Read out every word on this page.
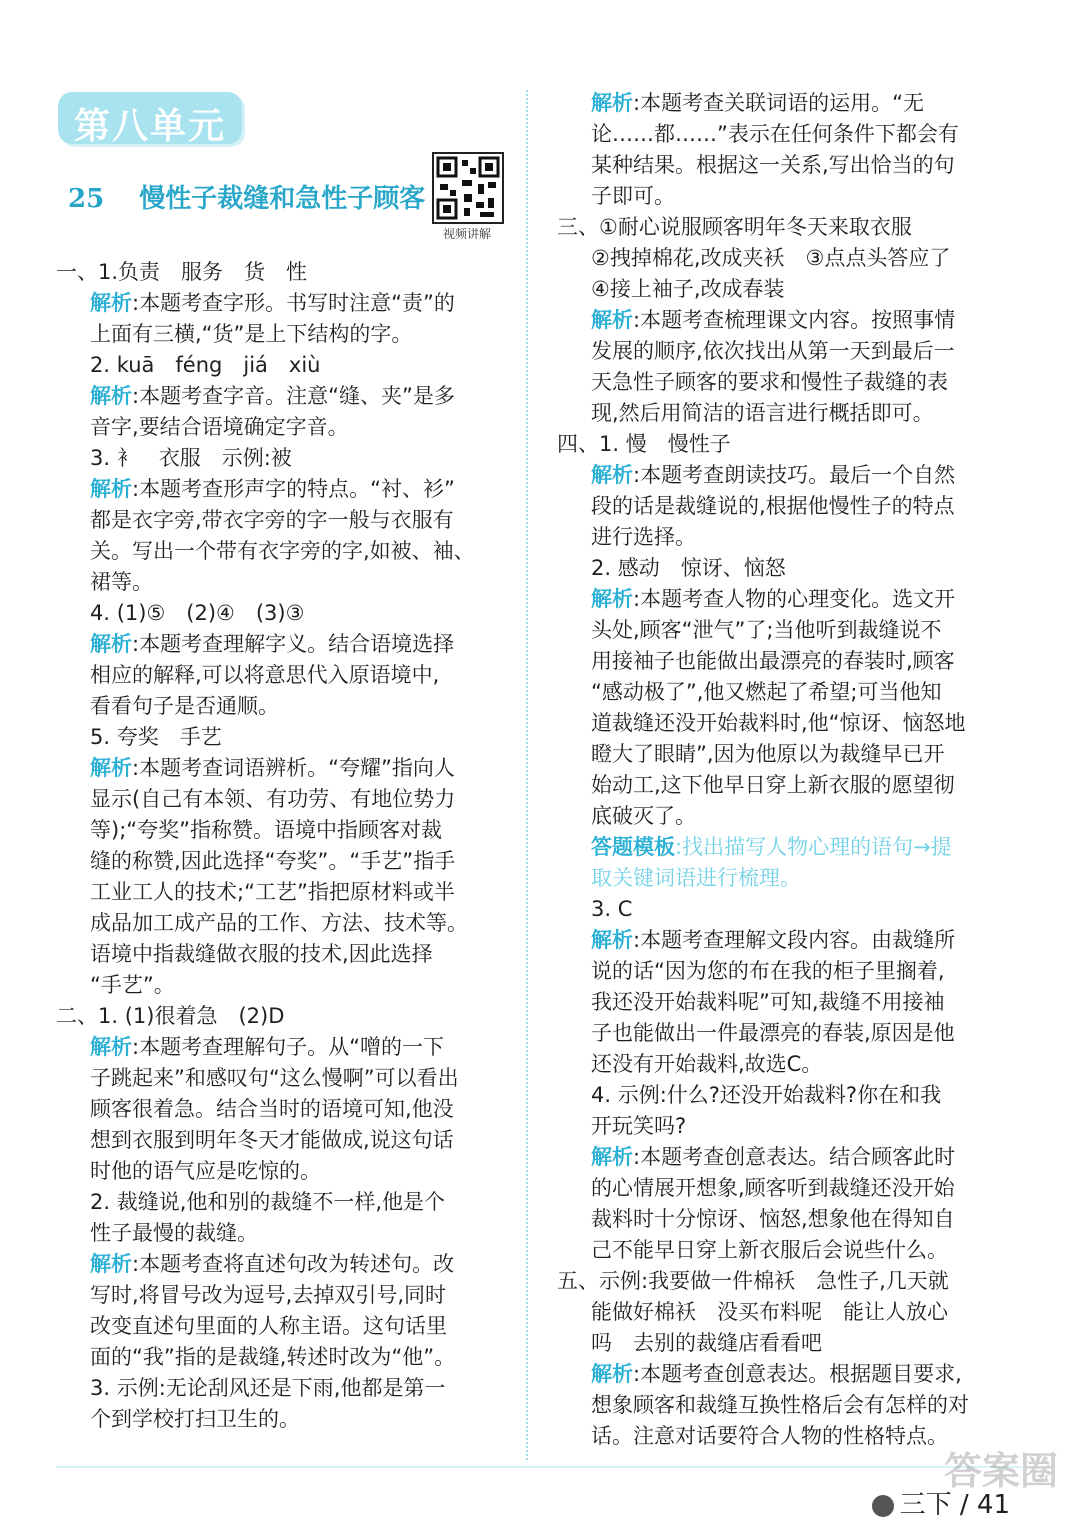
第八单元
25 慢性子裁缝和急性子顾客
视频讲解
一、1.负责　服务　货　性
解析:本题考查字形。书写时注意“责”的
上面有三横,“货”是上下结构的字。
2. kuā　féng　jiá　xiù
解析:本题考查字音。注意“缝、夹”是多
音字,要结合语境确定字音。
3. 衤　衣服　示例:被
解析:本题考查形声字的特点。“衬、衫”
都是衣字旁,带衣字旁的字一般与衣服有
关。写出一个带有衣字旁的字,如被、袖、
裙等。
4. (1)⑤　(2)④　(3)③
解析:本题考查理解字义。结合语境选择
相应的解释,可以将意思代入原语境中,
看看句子是否通顺。
5. 夸奖　手艺
解析:本题考查词语辨析。“夸耀”指向人
显示(自己有本领、有功劳、有地位势力
等);“夸奖”指称赞。语境中指顾客对裁
缝的称赞,因此选择“夸奖”。“手艺”指手
工业工人的技术;“工艺”指把原材料或半
成品加工成产品的工作、方法、技术等。
语境中指裁缝做衣服的技术,因此选择
“手艺”。
二、1. (1)很着急　(2)D
解析:本题考查理解句子。从“噌的一下
子跳起来”和感叹句“这么慢啊”可以看出
顾客很着急。结合当时的语境可知,他没
想到衣服到明年冬天才能做成,说这句话
时他的语气应是吃惊的。
2. 裁缝说,他和别的裁缝不一样,他是个
性子最慢的裁缝。
解析:本题考查将直述句改为转述句。改
写时,将冒号改为逗号,去掉双引号,同时
改变直述句里面的人称主语。这句话里
面的“我”指的是裁缝,转述时改为“他”。
3. 示例:无论刮风还是下雨,他都是第一
个到学校打扫卫生的。
解析:本题考查关联词语的运用。“无
论……都……”表示在任何条件下都会有
某种结果。根据这一关系,写出恰当的句
子即可。
三、①耐心说服顾客明年冬天来取衣服
②拽掉棉花,改成夹袄　③点点头答应了
④接上袖子,改成春装
解析:本题考查梳理课文内容。按照事情
发展的顺序,依次找出从第一天到最后一
天急性子顾客的要求和慢性子裁缝的表
现,然后用简洁的语言进行概括即可。
四、1. 慢　慢性子
解析:本题考查朗读技巧。最后一个自然
段的话是裁缝说的,根据他慢性子的特点
进行选择。
2. 感动　惊讶、恼怒
解析:本题考查人物的心理变化。选文开
头处,顾客“泄气”了;当他听到裁缝说不
用接袖子也能做出最漂亮的春装时,顾客
“感动极了”,他又燃起了希望;可当他知
道裁缝还没开始裁料时,他“惊讶、恼怒地
瞪大了眼睛”,因为他原以为裁缝早已开
始动工,这下他早日穿上新衣服的愿望彻
底破灭了。
答题模板:找出描写人物心理的语句→提
取关键词语进行梳理。
3. C
解析:本题考查理解文段内容。由裁缝所
说的话“因为您的布在我的柜子里搁着,
我还没开始裁料呢”可知,裁缝不用接袖
子也能做出一件最漂亮的春装,原因是他
还没有开始裁料,故选C。
4. 示例:什么?还没开始裁料?你在和我
开玩笑吗?
解析:本题考查创意表达。结合顾客此时
的心情展开想象,顾客听到裁缝还没开始
裁料时十分惊讶、恼怒,想象他在得知自
己不能早日穿上新衣服后会说些什么。
五、示例:我要做一件棉袄　急性子,几天就
能做好棉袄　没买布料呢　能让人放心
吗　去别的裁缝店看看吧
解析:本题考查创意表达。根据题目要求,
想象顾客和裁缝互换性格后会有怎样的对
话。注意对话要符合人物的性格特点。
三下 / 41
答案圈
